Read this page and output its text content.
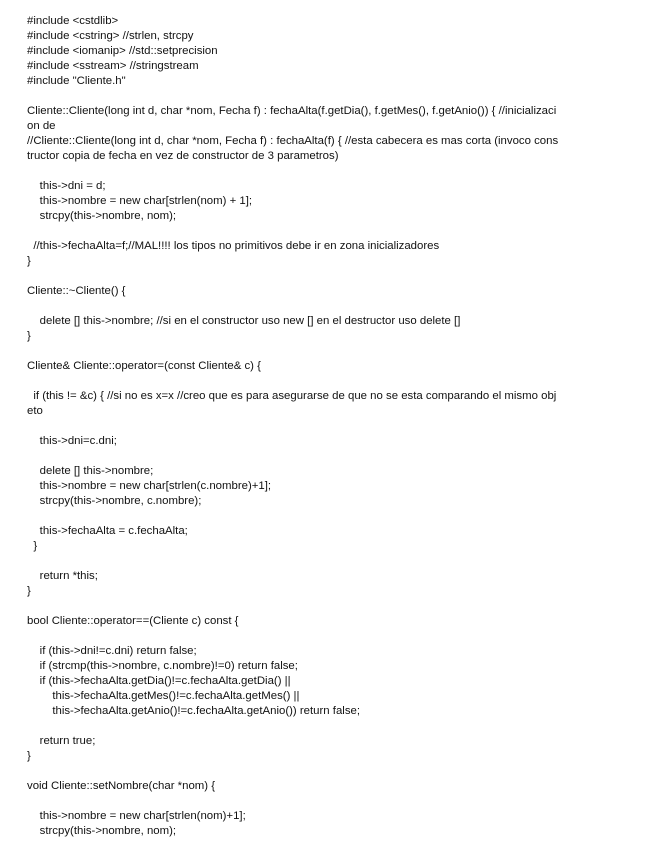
#include <cstdlib>
#include <cstring> //strlen, strcpy
#include <iomanip> //std::setprecision
#include <sstream> //stringstream
#include "Cliente.h"
Cliente::Cliente(long int d, char *nom, Fecha f) : fechaAlta(f.getDia(), f.getMes(), f.getAnio()) { //inicializaci
on de
//Cliente::Cliente(long int d, char *nom, Fecha f) : fechaAlta(f) { //esta cabecera es mas corta (invoco cons
tructor copia de fecha en vez de constructor de 3 parametros)
this->dni = d;
this->nombre = new char[strlen(nom) + 1];
strcpy(this->nombre, nom);
//this->fechaAlta=f;//MAL!!!! los tipos no primitivos debe ir en zona inicializadores
}
Cliente::~Cliente() {
delete [] this->nombre; //si en el constructor uso new [] en el destructor uso delete []
}
Cliente& Cliente::operator=(const Cliente& c) {
if (this != &c) { //si no es x=x //creo que es para asegurarse de que no se esta comparando el mismo obj
eto
this->dni=c.dni;
delete [] this->nombre;
this->nombre = new char[strlen(c.nombre)+1];
strcpy(this->nombre, c.nombre);
this->fechaAlta = c.fechaAlta;
}
return *this;
}
bool Cliente::operator==(Cliente c) const {
if (this->dni!=c.dni) return false;
if (strcmp(this->nombre, c.nombre)!=0) return false;
if (this->fechaAlta.getDia()!=c.fechaAlta.getDia() ||
this->fechaAlta.getMes()!=c.fechaAlta.getMes() ||
this->fechaAlta.getAnio()!=c.fechaAlta.getAnio()) return false;
return true;
}
void Cliente::setNombre(char *nom) {
this->nombre = new char[strlen(nom)+1];
strcpy(this->nombre, nom);
